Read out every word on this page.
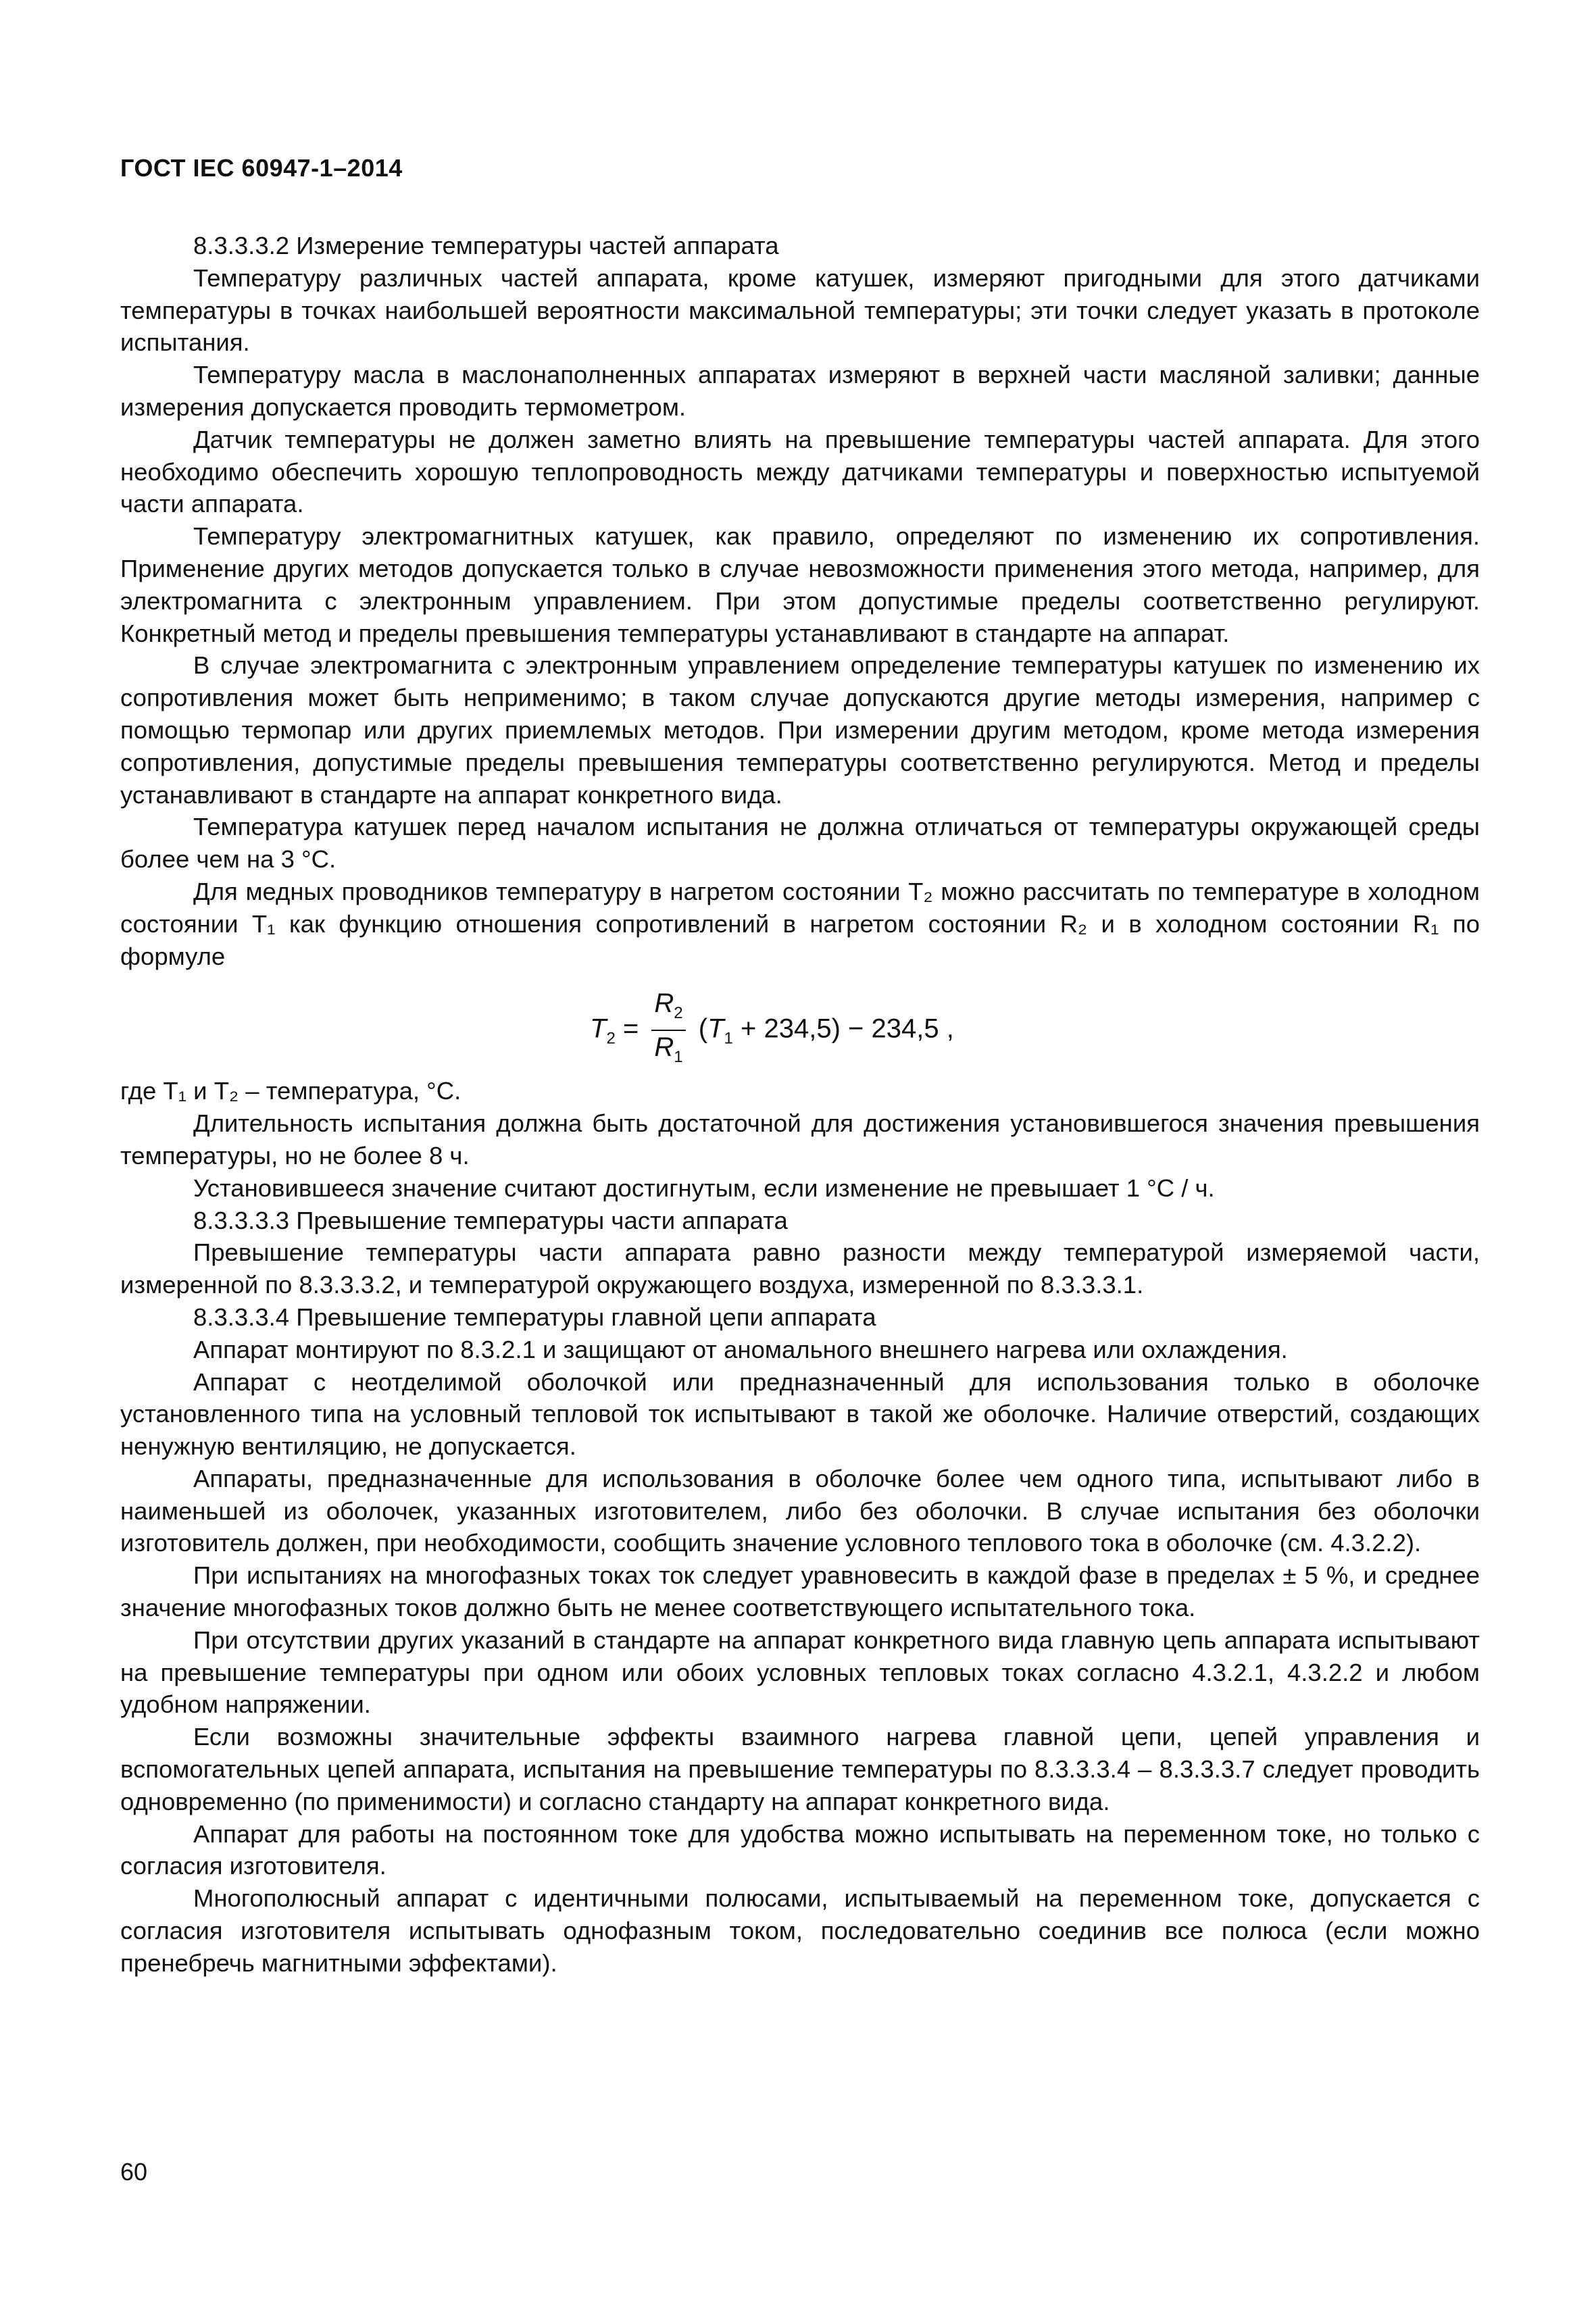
ГОСТ IEC 60947-1–2014

8.3.3.3.2 Измерение температуры частей аппарата

Температуру различных частей аппарата, кроме катушек, измеряют пригодными для этого датчиками температуры в точках наибольшей вероятности максимальной температуры; эти точки следует указать в протоколе испытания.

Температуру масла в маслонаполненных аппаратах измеряют в верхней части масляной заливки; данные измерения допускается проводить термометром.

Датчик температуры не должен заметно влиять на превышение температуры частей аппарата. Для этого необходимо обеспечить хорошую теплопроводность между датчиками температуры и поверхностью испытуемой части аппарата.

Температуру электромагнитных катушек, как правило, определяют по изменению их сопротивления. Применение других методов допускается только в случае невозможности применения этого метода, например, для электромагнита с электронным управлением. При этом допустимые пределы соответственно регулируют. Конкретный метод и пределы превышения температуры устанавливают в стандарте на аппарат.

В случае электромагнита с электронным управлением определение температуры катушек по изменению их сопротивления может быть неприменимо; в таком случае допускаются другие методы измерения, например с помощью термопар или других приемлемых методов. При измерении другим методом, кроме метода измерения сопротивления, допустимые пределы превышения температуры соответственно регулируются. Метод и пределы устанавливают в стандарте на аппарат конкретного вида.

Температура катушек перед началом испытания не должна отличаться от температуры окружающей среды более чем на 3 °С.

Для медных проводников температуру в нагретом состоянии T₂ можно рассчитать по температуре в холодном состоянии T₁ как функцию отношения сопротивлений в нагретом состоянии R₂ и в холодном состоянии R₁ по формуле

$T_2 = \frac{R_2}{R_1} (T_1 + 234,5) - 234,5$ ,

где T₁ и T₂ – температура, °С.

Длительность испытания должна быть достаточной для достижения установившегося значения превышения температуры, но не более 8 ч.

Установившееся значение считают достигнутым, если изменение не превышает 1 °С / ч.

8.3.3.3.3 Превышение температуры части аппарата

Превышение температуры части аппарата равно разности между температурой измеряемой части, измеренной по 8.3.3.3.2, и температурой окружающего воздуха, измеренной по 8.3.3.3.1.

8.3.3.3.4 Превышение температуры главной цепи аппарата

Аппарат монтируют по 8.3.2.1 и защищают от аномального внешнего нагрева или охлаждения.

Аппарат с неотделимой оболочкой или предназначенный для использования только в оболочке установленного типа на условный тепловой ток испытывают в такой же оболочке. Наличие отверстий, создающих ненужную вентиляцию, не допускается.

Аппараты, предназначенные для использования в оболочке более чем одного типа, испытывают либо в наименьшей из оболочек, указанных изготовителем, либо без оболочки. В случае испытания без оболочки изготовитель должен, при необходимости, сообщить значение условного теплового тока в оболочке (см. 4.3.2.2).

При испытаниях на многофазных токах ток следует уравновесить в каждой фазе в пределах ± 5 %, и среднее значение многофазных токов должно быть не менее соответствующего испытательного тока.

При отсутствии других указаний в стандарте на аппарат конкретного вида главную цепь аппарата испытывают на превышение температуры при одном или обоих условных тепловых токах согласно 4.3.2.1, 4.3.2.2 и любом удобном напряжении.

Если возможны значительные эффекты взаимного нагрева главной цепи, цепей управления и вспомогательных цепей аппарата, испытания на превышение температуры по 8.3.3.3.4 – 8.3.3.3.7 следует проводить одновременно (по применимости) и согласно стандарту на аппарат конкретного вида.

Аппарат для работы на постоянном токе для удобства можно испытывать на переменном токе, но только с согласия изготовителя.

Многополюсный аппарат с идентичными полюсами, испытываемый на переменном токе, допускается с согласия изготовителя испытывать однофазным током, последовательно соединив все полюса (если можно пренебречь магнитными эффектами).

60
